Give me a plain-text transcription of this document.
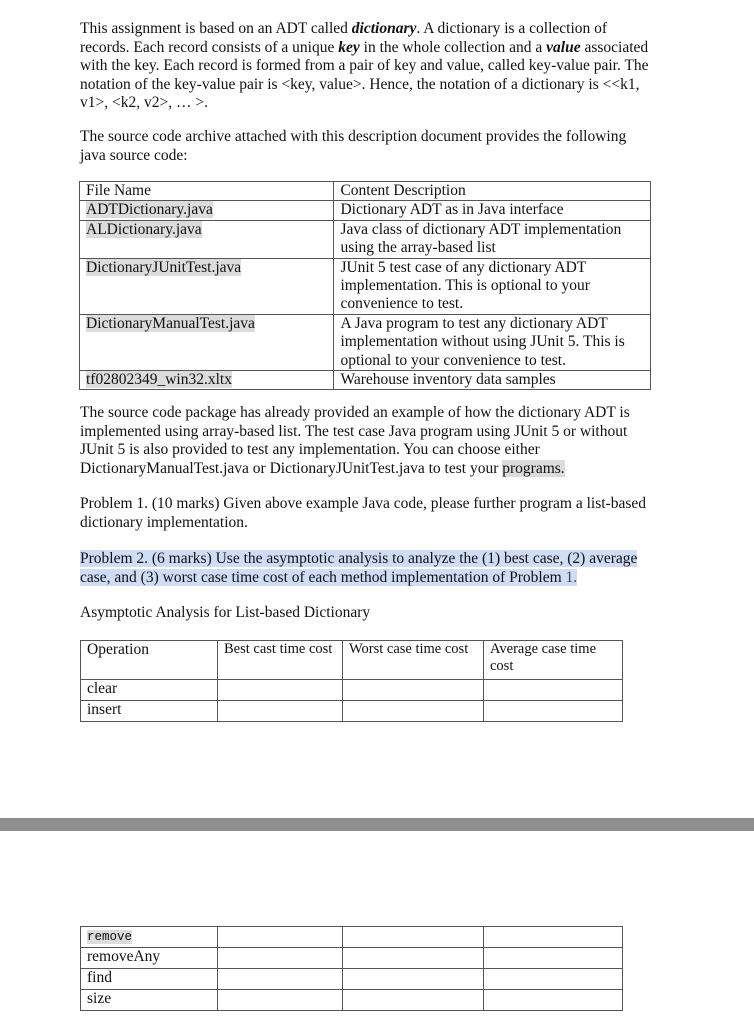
This assignment is based on an ADT called dictionary. A dictionary is a collection of records. Each record consists of a unique key in the whole collection and a value associated with the key. Each record is formed from a pair of key and value, called key-value pair. The notation of the key-value pair is <key, value>. Hence, the notation of a dictionary is <<k1, v1>, <k2, v2>, … >.

The source code archive attached with this description document provides the following java source code:

File Name	Content Description
ADTDictionary.java	Dictionary ADT as in Java interface
ALDictionary.java	Java class of dictionary ADT implementation using the array-based list
DictionaryJUnitTest.java	JUnit 5 test case of any dictionary ADT implementation. This is optional to your convenience to test.
DictionaryManualTest.java	A Java program to test any dictionary ADT implementation without using JUnit 5. This is optional to your convenience to test.
tf02802349_win32.xltx	Warehouse inventory data samples

The source code package has already provided an example of how the dictionary ADT is implemented using array-based list. The test case Java program using JUnit 5 or without JUnit 5 is also provided to test any implementation. You can choose either DictionaryManualTest.java or DictionaryJUnitTest.java to test your programs.

Problem 1. (10 marks) Given above example Java code, please further program a list-based dictionary implementation.

Problem 2. (6 marks) Use the asymptotic analysis to analyze the (1) best case, (2) average case, and (3) worst case time cost of each method implementation of Problem 1.

Asymptotic Analysis for List-based Dictionary

Operation	Best cast time cost	Worst case time cost	Average case time cost
clear			
insert			
remove			
removeAny			
find			
size			
